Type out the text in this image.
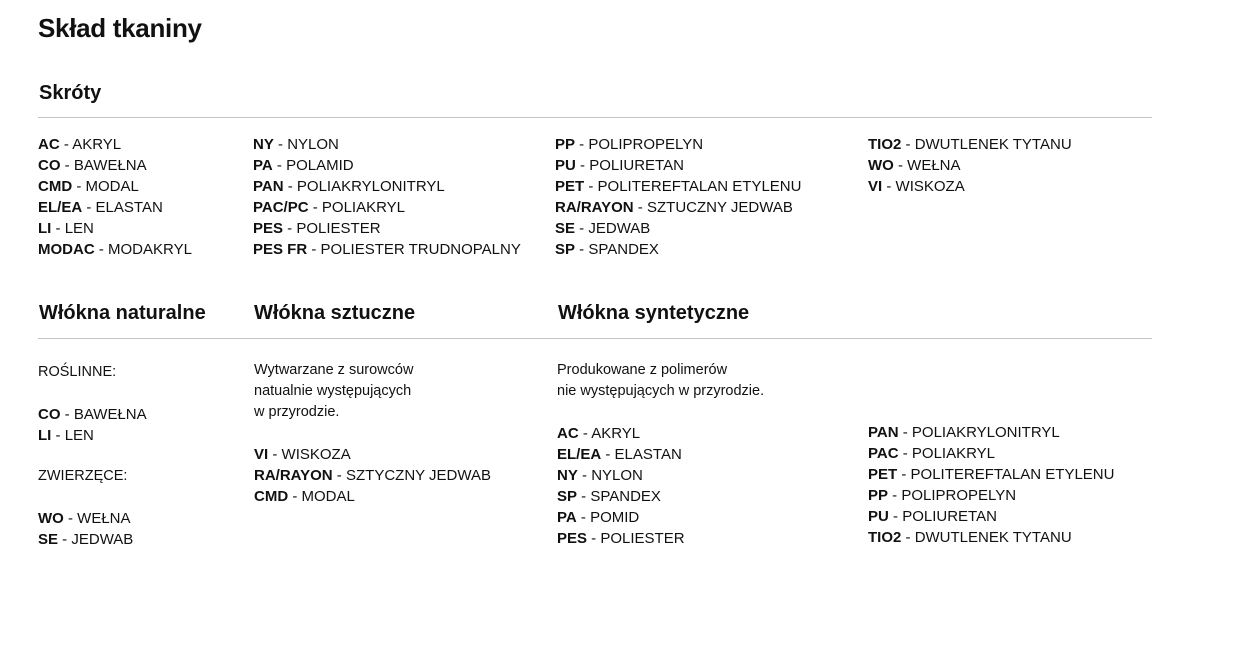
Skład tkaniny
Skróty
AC - AKRYL
CO - BAWEŁNA
CMD - MODAL
EL/EA - ELASTAN
LI - LEN
MODAC - MODAKRYL
NY - NYLON
PA - POLAMID
PAN - POLIAKRYLONITRYL
PAC/PC - POLIAKRYL
PES - POLIESTER
PES FR - POLIESTER TRUDNOPALNY
PP - POLIPROPELYN
PU - POLIURETAN
PET - POLITEREFTALAN ETYLENU
RA/RAYON - SZTUCZNY JEDWAB
SE - JEDWAB
SP - SPANDEX
TIO2 - DWUTLENEK TYTANU
WO - WEŁNA
VI - WISKOZA
Włókna naturalne Włókna sztuczne	Włókna syntetyczne

ROŚLINNE:

CO - BAWEŁNA
LI - LEN

ZWIERZĘCE:

WO - WEŁNA
SE - JEDWAB

Wytwarzane z surowców
natualnie występujących
w przyrodzie.

VI - WISKOZA
RA/RAYON - SZTYCZNY JEDWAB
CMD - MODAL

Produkowane z polimerów
nie występujących w przyrodzie.

AC - AKRYL
EL/EA - ELASTAN
NY - NYLON
SP - SPANDEX
PA - POMID
PES - POLIESTER
PAN - POLIAKRYLONITRYL
PAC - POLIAKRYL
PET - POLITEREFTALAN ETYLENU
PP - POLIPROPELYN
PU - POLIURETAN
TIO2 - DWUTLENEK TYTANU
